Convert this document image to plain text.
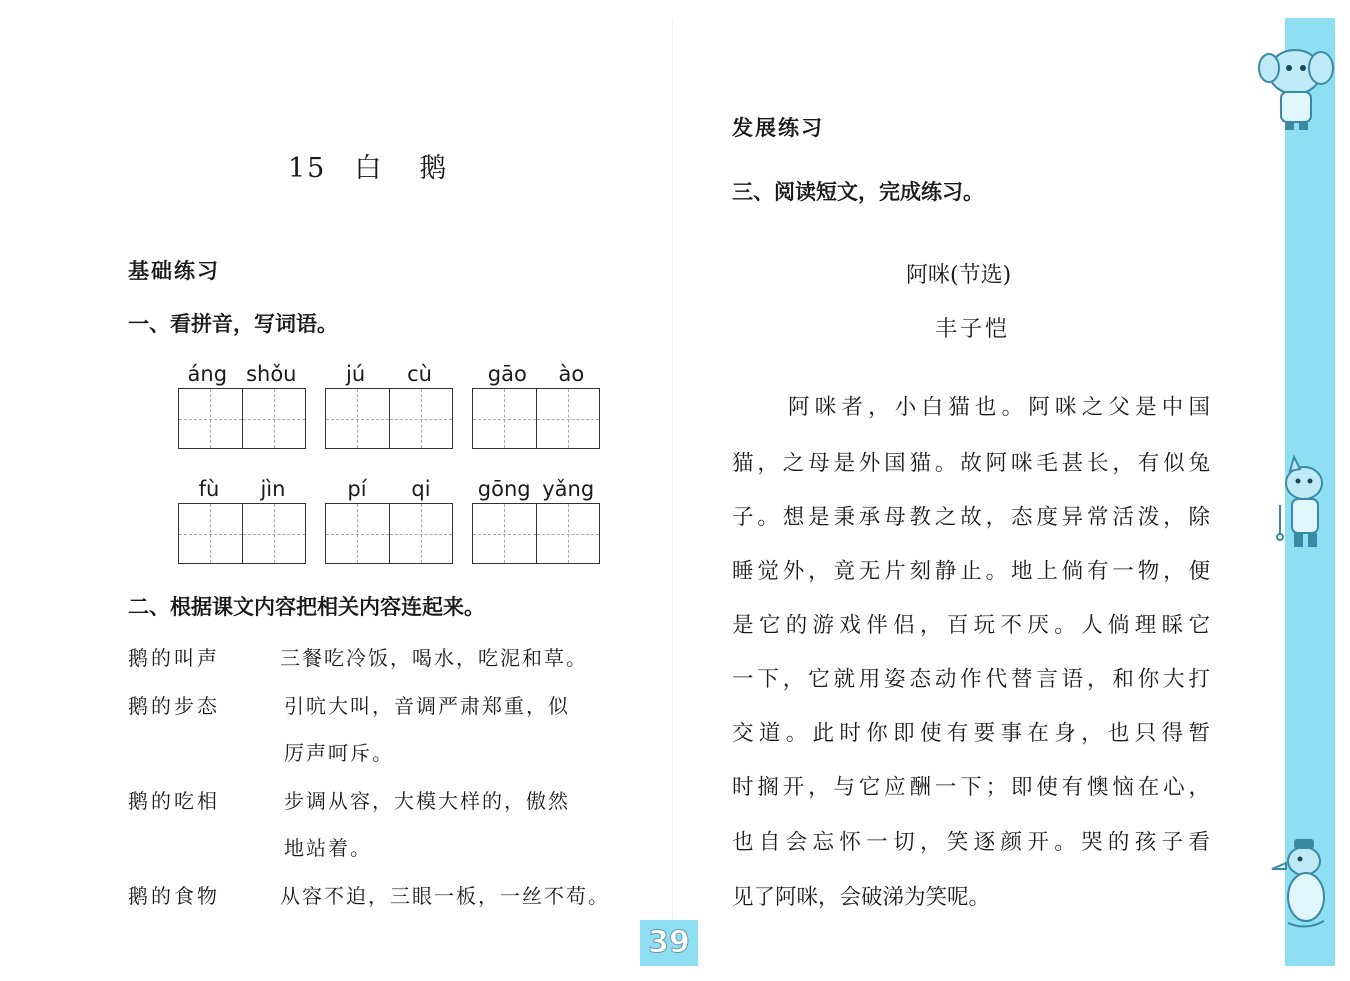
15 白 鹅
基础练习
一、看拼音，写词语。
áng shǒu jú cù	gāo ào
fù jìn	pí qi gōng yǎng
二、根据课文内容把相关内容连起来。
鹅的叫声
鹅的步态
鹅的吃相
鹅的食物
三餐吃冷饭，喝水，吃泥和草。
引吭大叫，音调严肃郑重，似
厉声呵斥。
步调从容，大模大样的，傲然
地站着。
从容不迫，三眼一板，一丝不苟。
39
发展练习
三、阅读短文，完成练习。
阿咪(节选)
丰子恺
阿咪者，小白猫也。阿咪之父是中国
猫，之母是外国猫。故阿咪毛甚长，有似兔
子。想是秉承母教之故，态度异常活泼，除
睡觉外，竟无片刻静止。地上倘有一物，便
是它的游戏伴侣，百玩不厌。人倘理睬它
一下，它就用姿态动作代替言语，和你大打
交道。此时你即使有要事在身，也只得暂
时搁开，与它应酬一下；即使有懊恼在心，
也自会忘怀一切，笑逐颜开。哭的孩子看
见了阿咪，会破涕为笑呢。
